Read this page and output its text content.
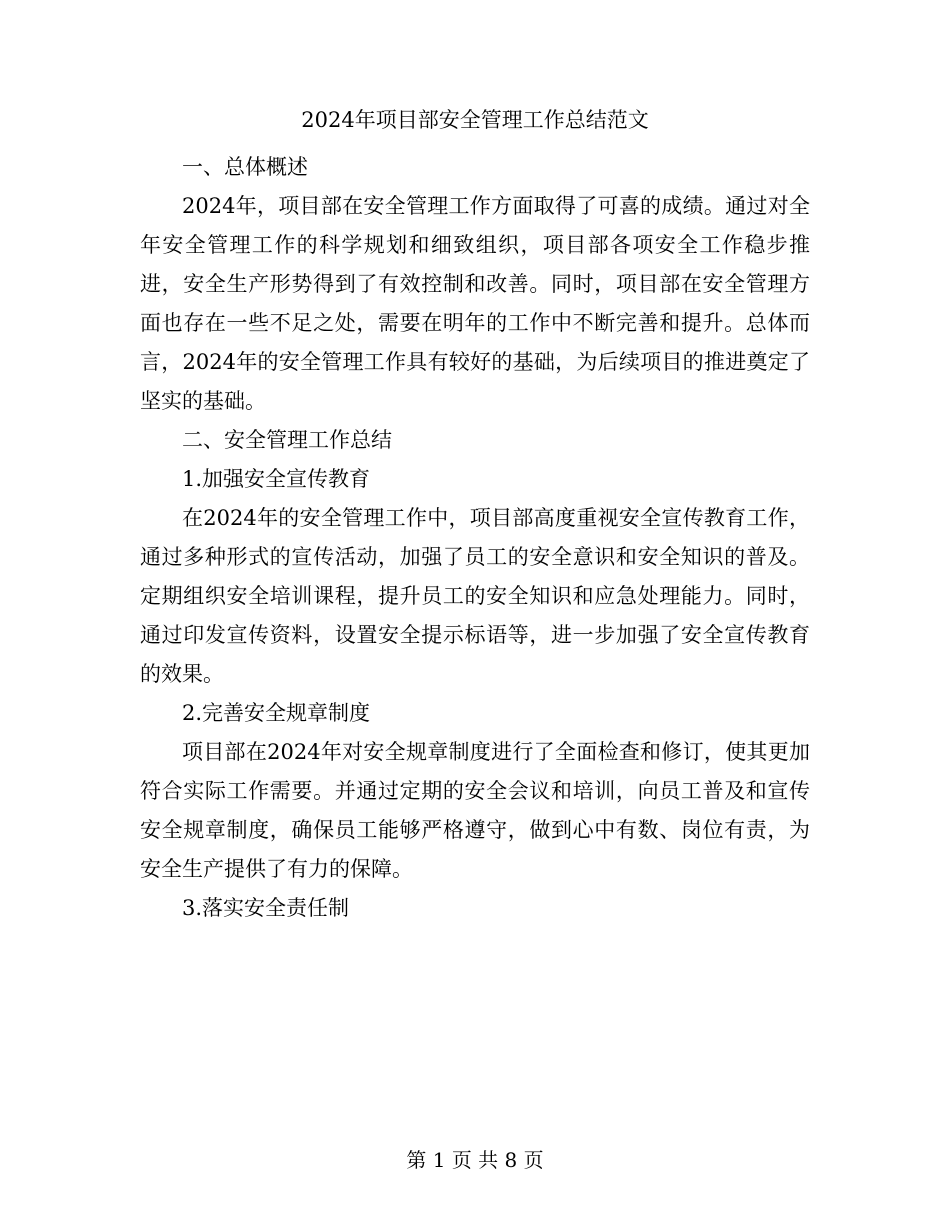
2024年项目部安全管理工作总结范文

一、总体概述

2024年，项目部在安全管理工作方面取得了可喜的成绩。通过对全年安全管理工作的科学规划和细致组织，项目部各项安全工作稳步推进，安全生产形势得到了有效控制和改善。同时，项目部在安全管理方面也存在一些不足之处，需要在明年的工作中不断完善和提升。总体而言，2024年的安全管理工作具有较好的基础，为后续项目的推进奠定了坚实的基础。

二、安全管理工作总结

1.加强安全宣传教育

在2024年的安全管理工作中，项目部高度重视安全宣传教育工作，通过多种形式的宣传活动，加强了员工的安全意识和安全知识的普及。定期组织安全培训课程，提升员工的安全知识和应急处理能力。同时，通过印发宣传资料，设置安全提示标语等，进一步加强了安全宣传教育的效果。

2.完善安全规章制度

项目部在2024年对安全规章制度进行了全面检查和修订，使其更加符合实际工作需要。并通过定期的安全会议和培训，向员工普及和宣传安全规章制度，确保员工能够严格遵守，做到心中有数、岗位有责，为安全生产提供了有力的保障。

3.落实安全责任制

第 1 页 共 8 页
